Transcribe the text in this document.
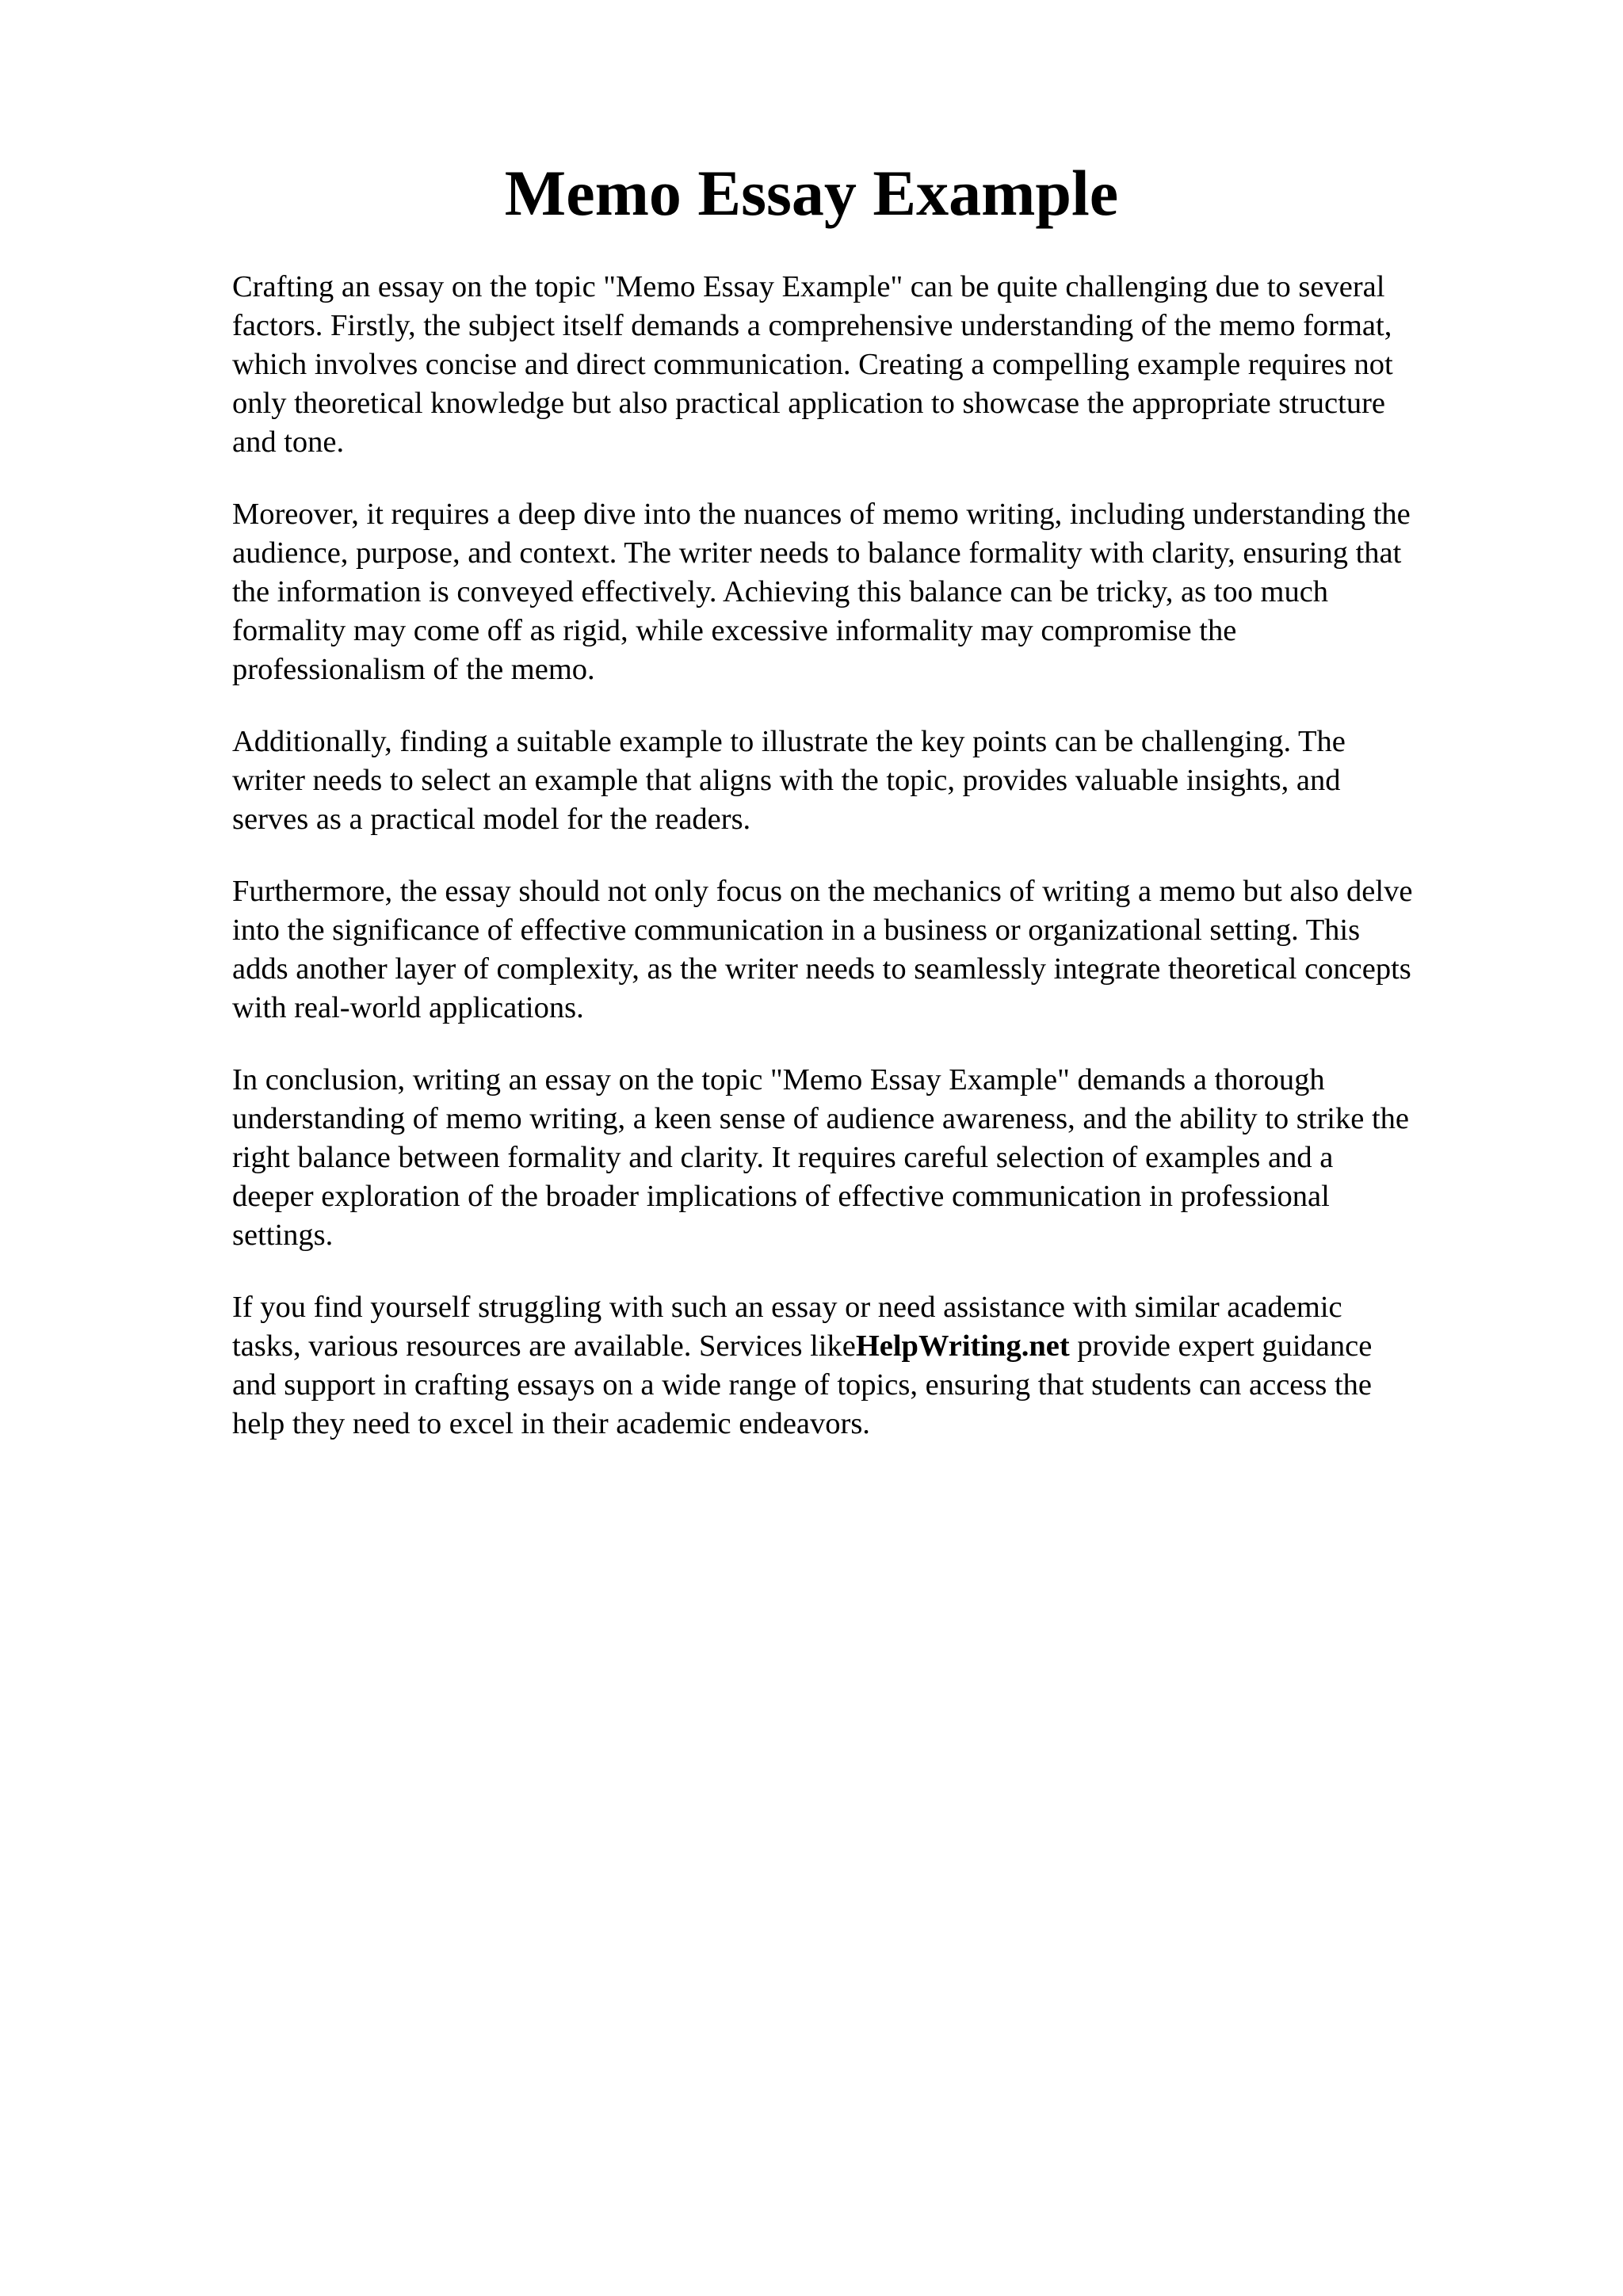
Memo Essay Example

Crafting an essay on the topic "Memo Essay Example" can be quite challenging due to several
factors. Firstly, the subject itself demands a comprehensive understanding of the memo format,
which involves concise and direct communication. Creating a compelling example requires not
only theoretical knowledge but also practical application to showcase the appropriate structure
and tone.

Moreover, it requires a deep dive into the nuances of memo writing, including understanding the
audience, purpose, and context. The writer needs to balance formality with clarity, ensuring that
the information is conveyed effectively. Achieving this balance can be tricky, as too much
formality may come off as rigid, while excessive informality may compromise the
professionalism of the memo.

Additionally, finding a suitable example to illustrate the key points can be challenging. The
writer needs to select an example that aligns with the topic, provides valuable insights, and
serves as a practical model for the readers.

Furthermore, the essay should not only focus on the mechanics of writing a memo but also delve
into the significance of effective communication in a business or organizational setting. This
adds another layer of complexity, as the writer needs to seamlessly integrate theoretical concepts
with real-world applications.

In conclusion, writing an essay on the topic "Memo Essay Example" demands a thorough
understanding of memo writing, a keen sense of audience awareness, and the ability to strike the
right balance between formality and clarity. It requires careful selection of examples and a
deeper exploration of the broader implications of effective communication in professional
settings.

If you find yourself struggling with such an essay or need assistance with similar academic
tasks, various resources are available. Services likeHelpWriting.net provide expert guidance
and support in crafting essays on a wide range of topics, ensuring that students can access the
help they need to excel in their academic endeavors.
